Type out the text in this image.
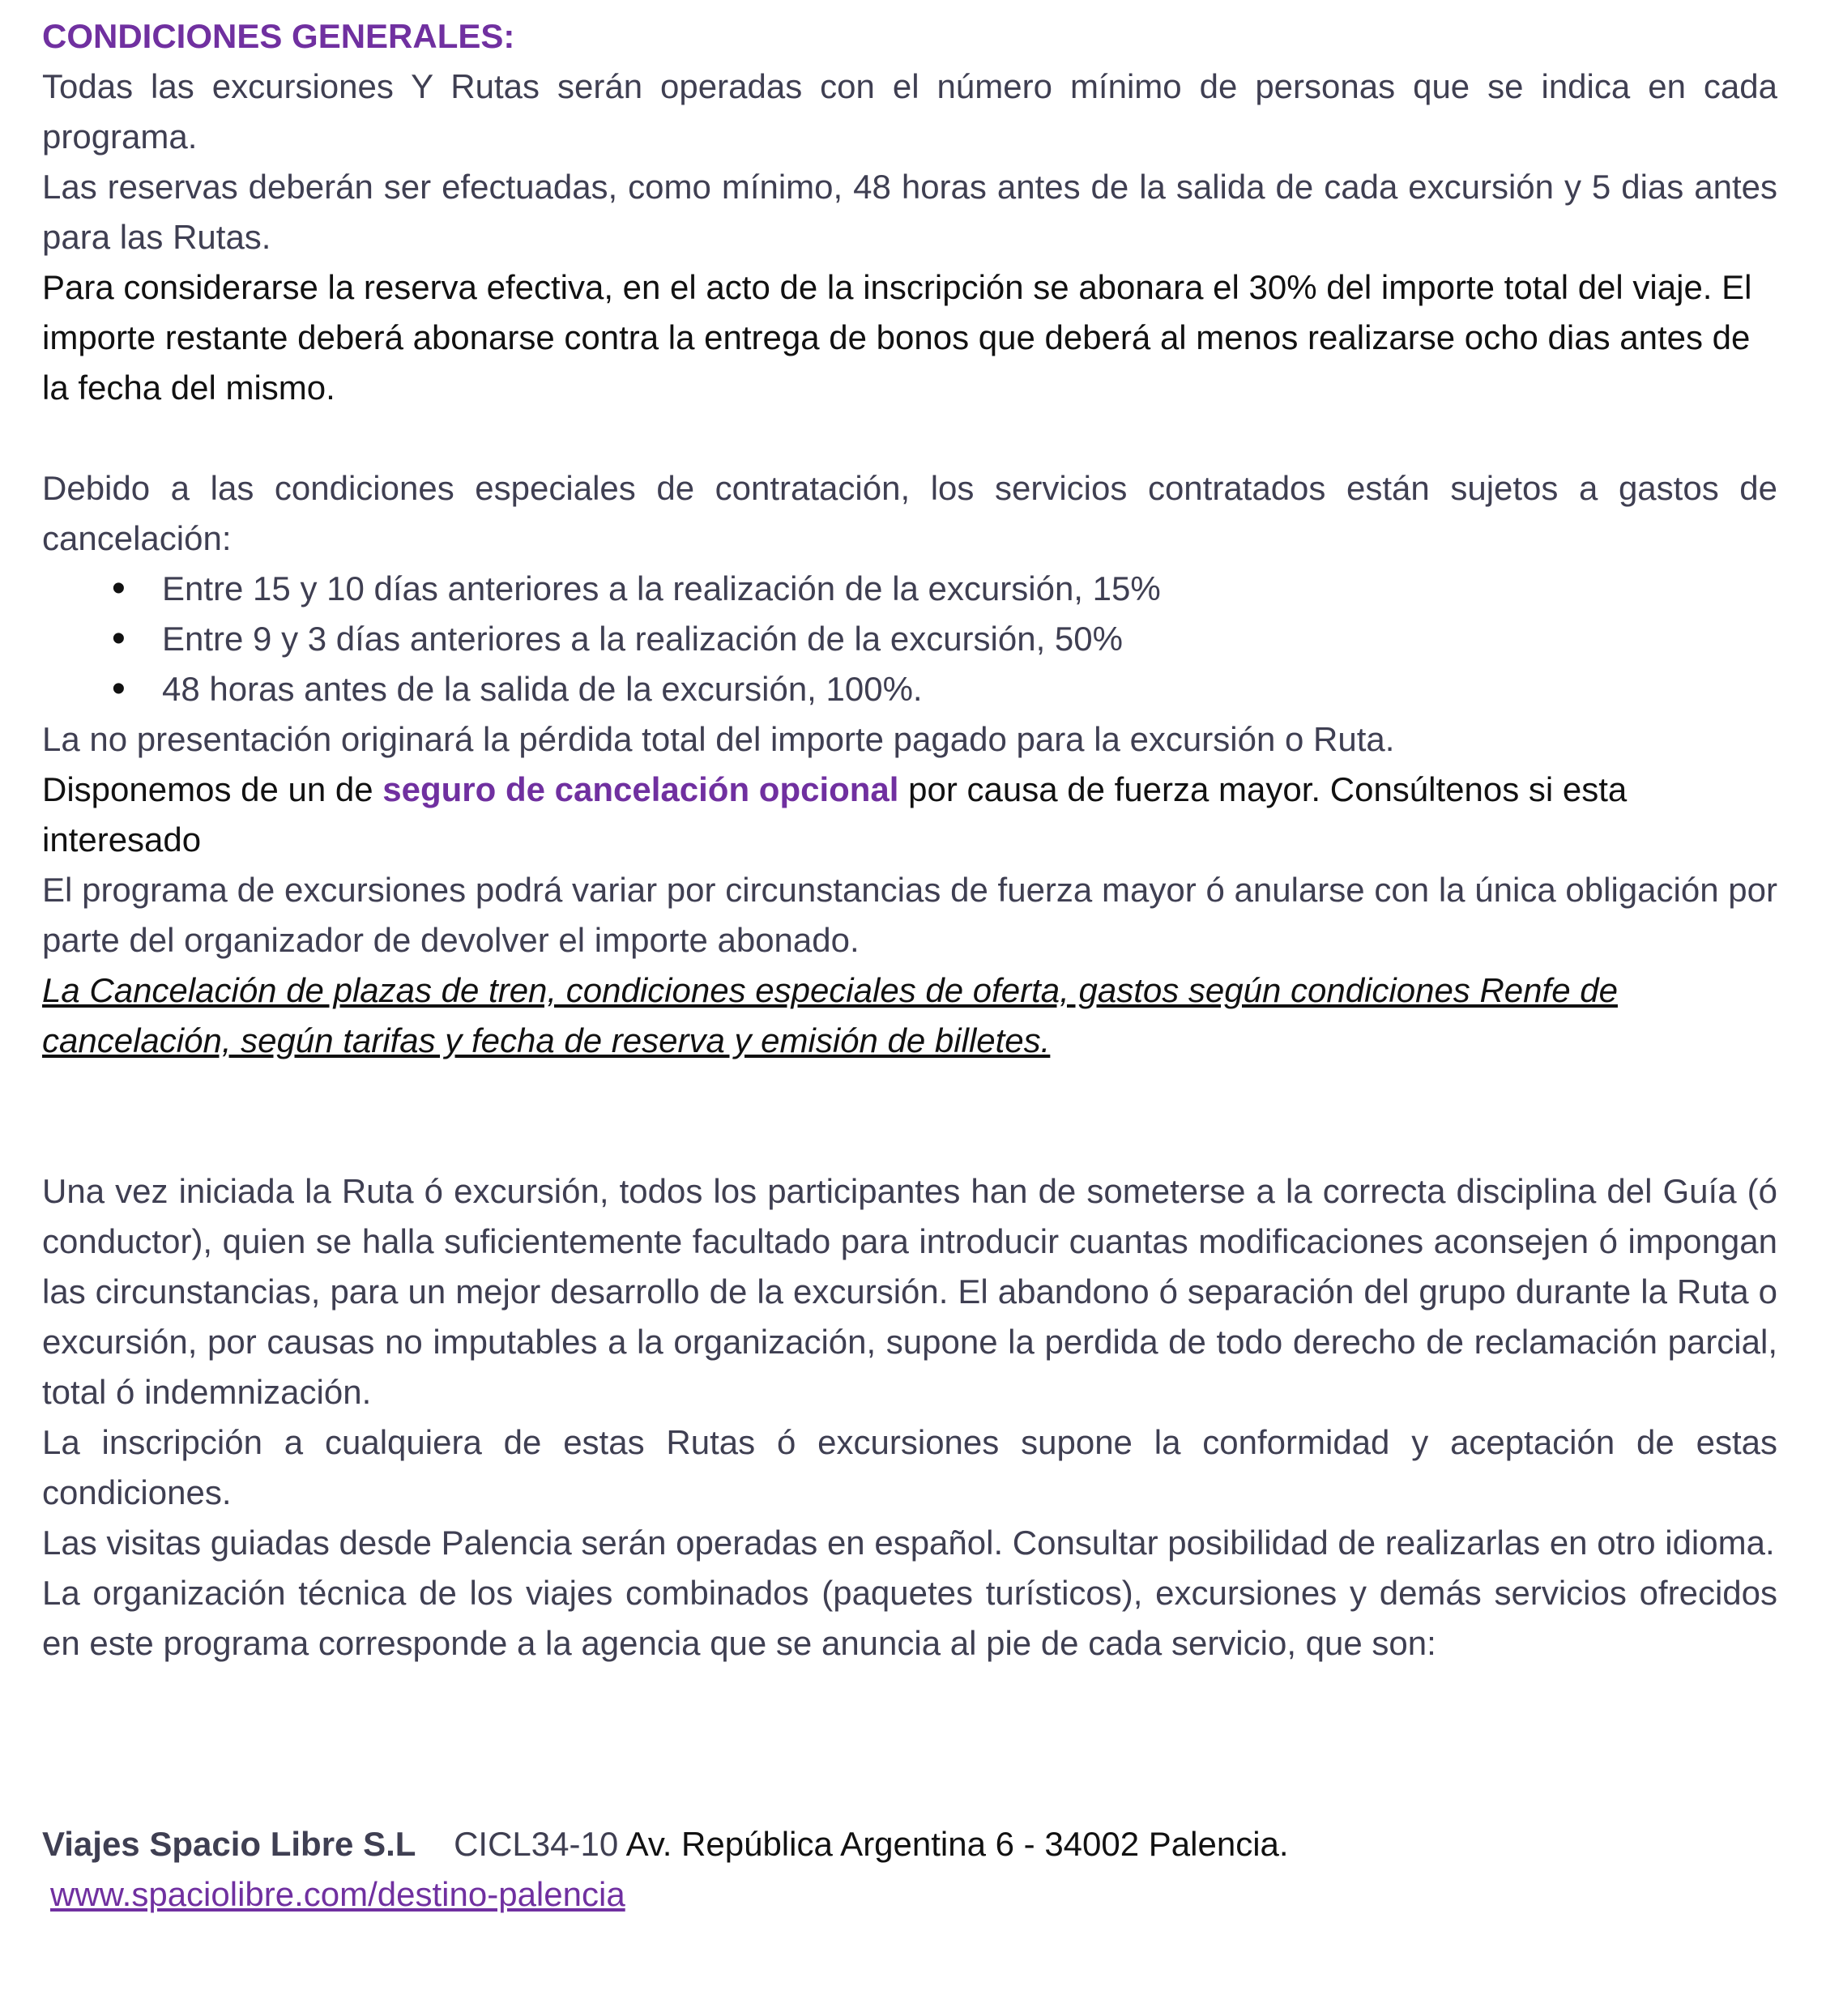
CONDICIONES GENERALES:

Todas las excursiones Y Rutas serán operadas con el número mínimo de personas que se indica en cada programa.

Las reservas deberán ser efectuadas, como mínimo, 48 horas antes de la salida de cada excursión y 5 dias antes para las Rutas.

Para considerarse la reserva efectiva, en el acto de la inscripción se abonara el 30% del importe total del viaje. El importe restante deberá abonarse contra la entrega de bonos que deberá al menos realizarse ocho dias antes de la fecha del mismo.

Debido a las condiciones especiales de contratación, los servicios contratados están sujetos a gastos de cancelación:

• Entre 15 y 10 días anteriores a la realización de la excursión, 15%
• Entre 9 y 3 días anteriores a la realización de la excursión, 50%
• 48 horas antes de la salida de la excursión, 100%.

La no presentación originará la pérdida total del importe pagado para la excursión o Ruta.

Disponemos de un de seguro de cancelación opcional por causa de fuerza mayor. Consúltenos si esta interesado

El programa de excursiones podrá variar por circunstancias de fuerza mayor ó anularse con la única obligación por parte del organizador de devolver el importe abonado.

La Cancelación de plazas de tren, condiciones especiales de oferta, gastos según condiciones Renfe de cancelación, según tarifas y fecha de reserva y emisión de billetes.

Una vez iniciada la Ruta ó excursión, todos los participantes han de someterse a la correcta disciplina del Guía (ó conductor), quien se halla suficientemente facultado para introducir cuantas modificaciones aconsejen ó impongan las circunstancias, para un mejor desarrollo de la excursión. El abandono ó separación del grupo durante la Ruta o excursión, por causas no imputables a la organización, supone la perdida de todo derecho de reclamación parcial, total ó indemnización.

La inscripción a cualquiera de estas Rutas ó excursiones supone la conformidad y aceptación de estas condiciones.

Las visitas guiadas desde Palencia serán operadas en español. Consultar posibilidad de realizarlas en otro idioma.

La organización técnica de los viajes combinados (paquetes turísticos), excursiones y demás servicios ofrecidos en este programa corresponde a la agencia que se anuncia al pie de cada servicio, que son:

Viajes Spacio Libre S.L CICL34-10 Av. República Argentina 6 - 34002 Palencia.

www.spaciolibre.com/destino-palencia
